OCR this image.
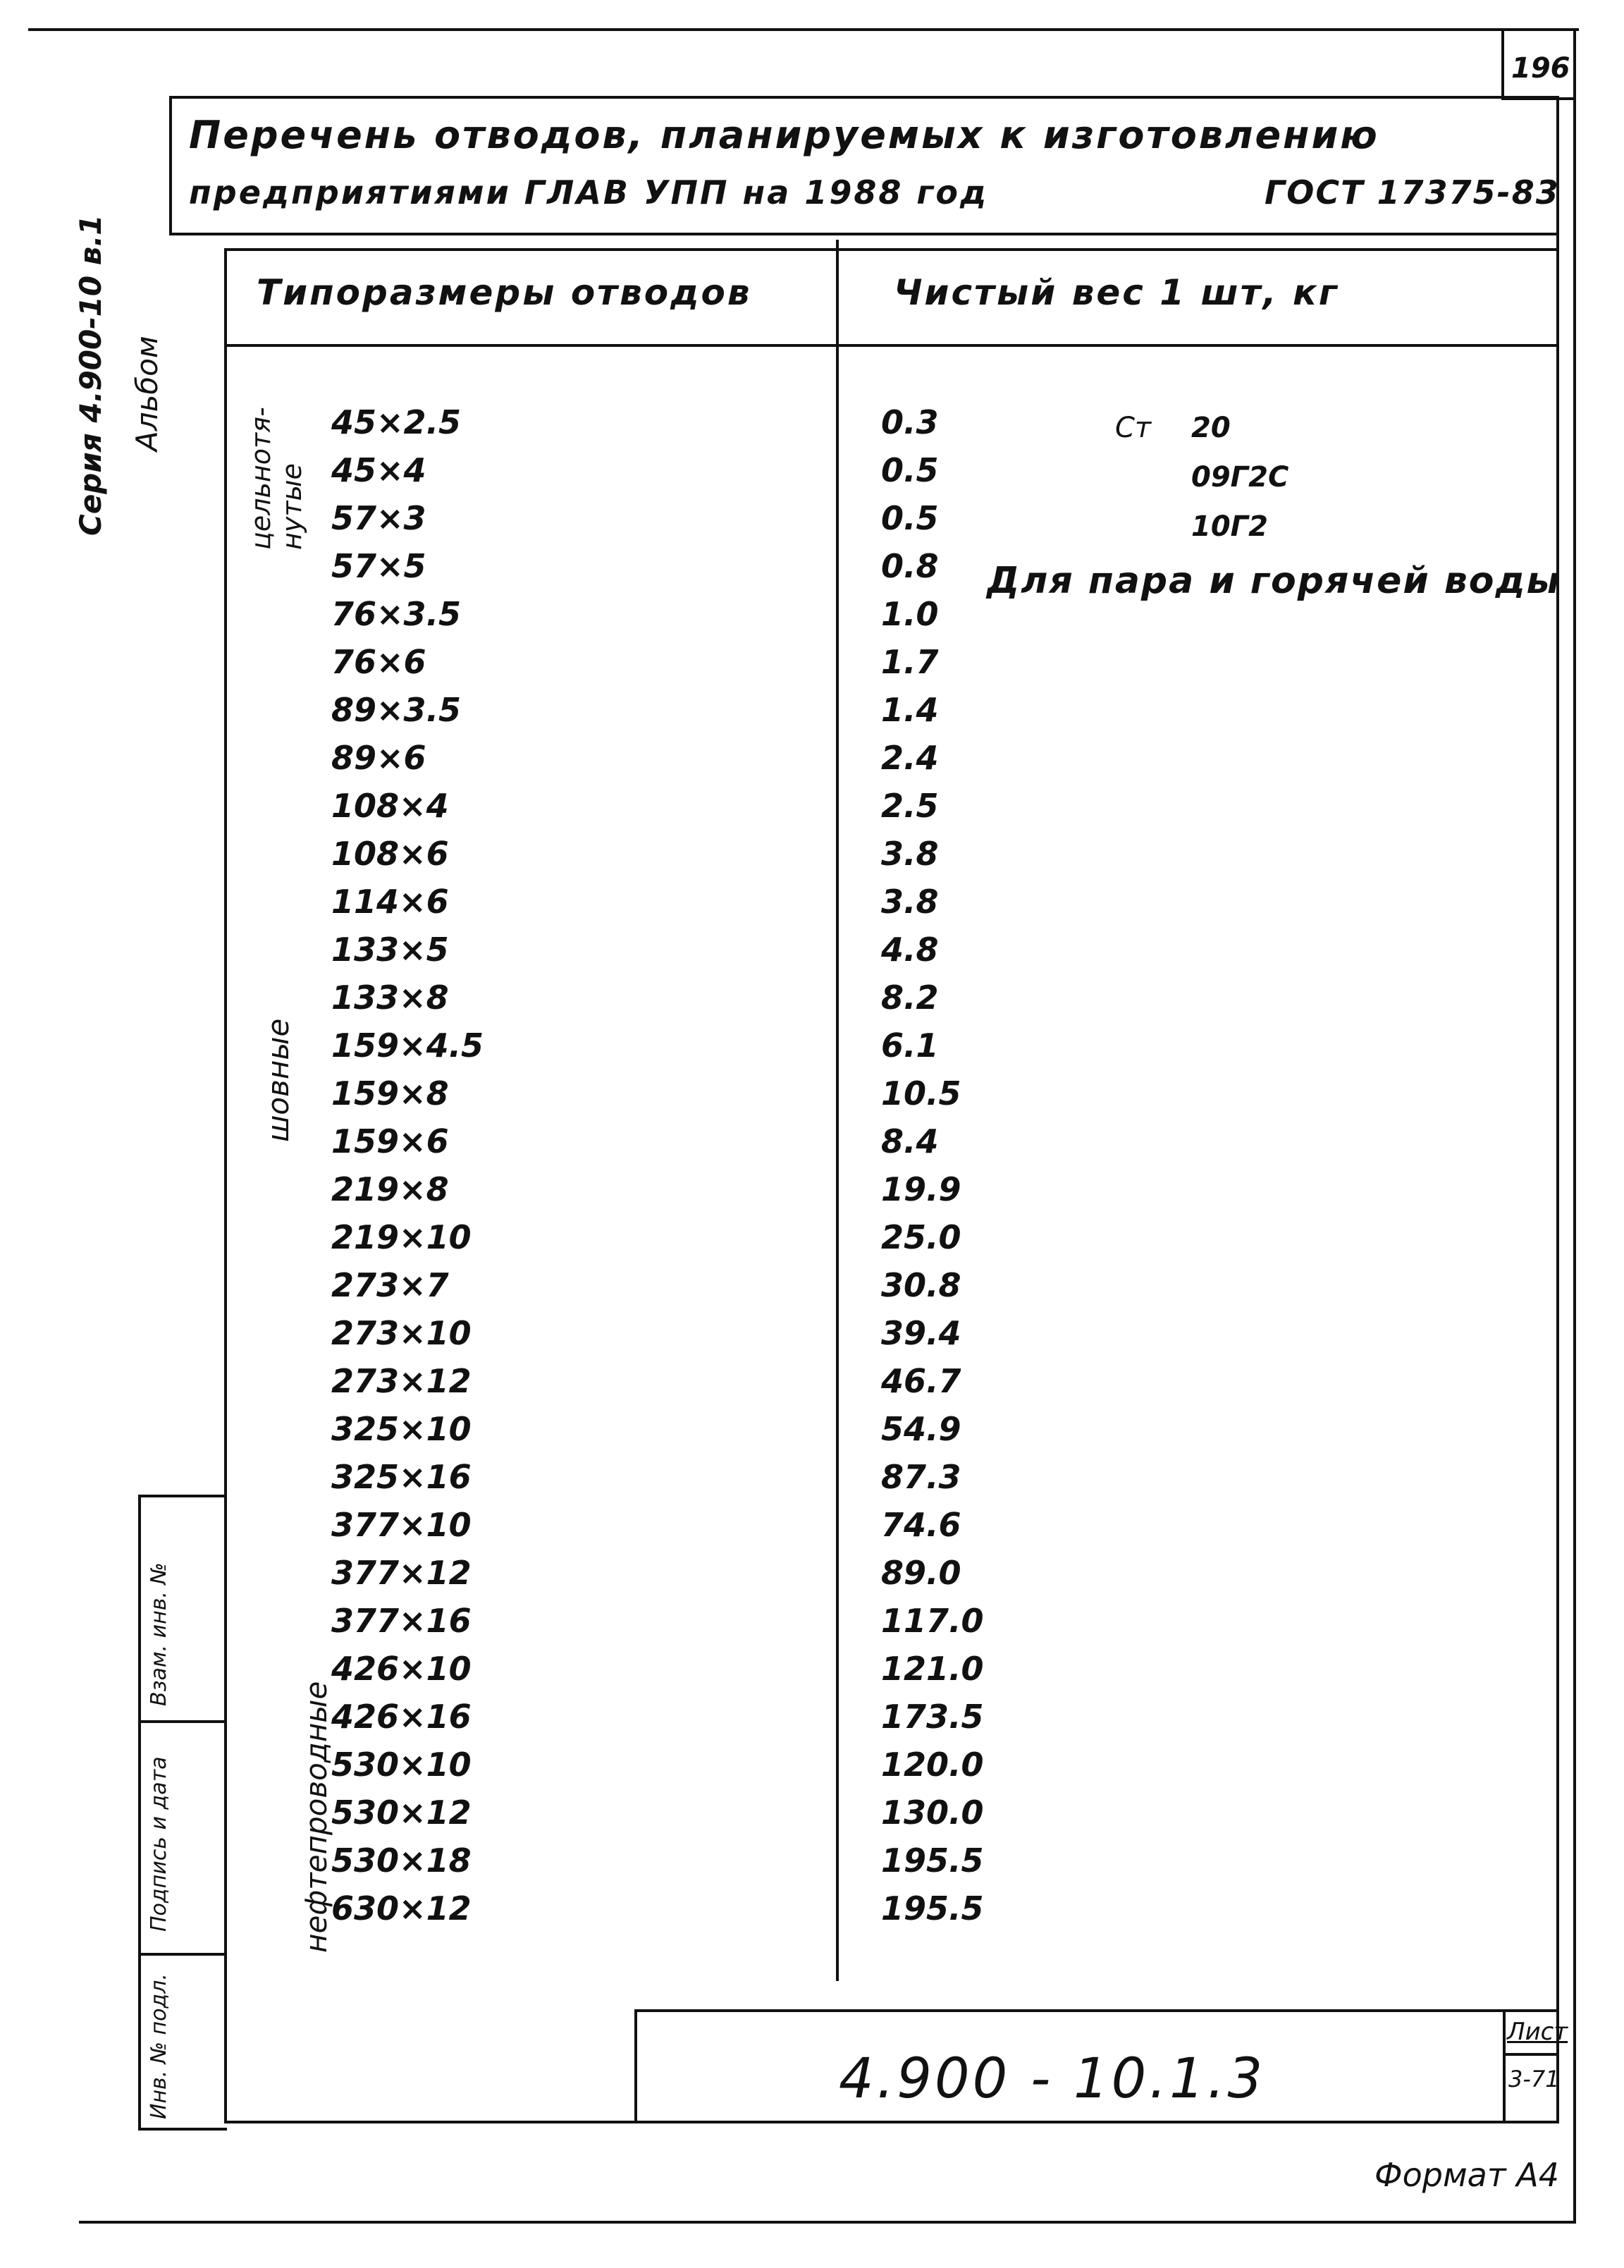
196
Перечень отводов, планируемых к изготовлению
предприятиями ГЛАВ УПП на 1988 год	ГОСТ 17375-83
Типоразмеры отводов	Чистый вес 1 шт, кг
Серия 4.900-10 в.1 Альбом
цельнотя-
нутые
шовные
нефтепроводные
Ст 20
09Г2С
10Г2
Для пара и горячей воды
45×2.5	0.3
45×4	0.5
57×3	0.5
57×5	0.8
76×3.5	1.0
76×6	1.7
89×3.5	1.4
89×6	2.4
108×4	2.5
108×6	3.8
114×6	3.8
133×5	4.8
133×8	8.2
159×4.5	6.1
159×8	10.5
159×6	8.4
219×8	19.9
219×10	25.0
273×7	30.8
273×10	39.4
273×12	46.7
325×10	54.9
325×16	87.3
377×10	74.6
377×12	89.0
377×16	117.0
426×10	121.0
426×16	173.5
530×10	120.0
530×12	130.0
530×18	195.5
630×12	195.5
Инв. № подл.
Подпись и дата
Взам. инв. №
4.900 - 10.1.3
Лист
3-71
Формат А4
